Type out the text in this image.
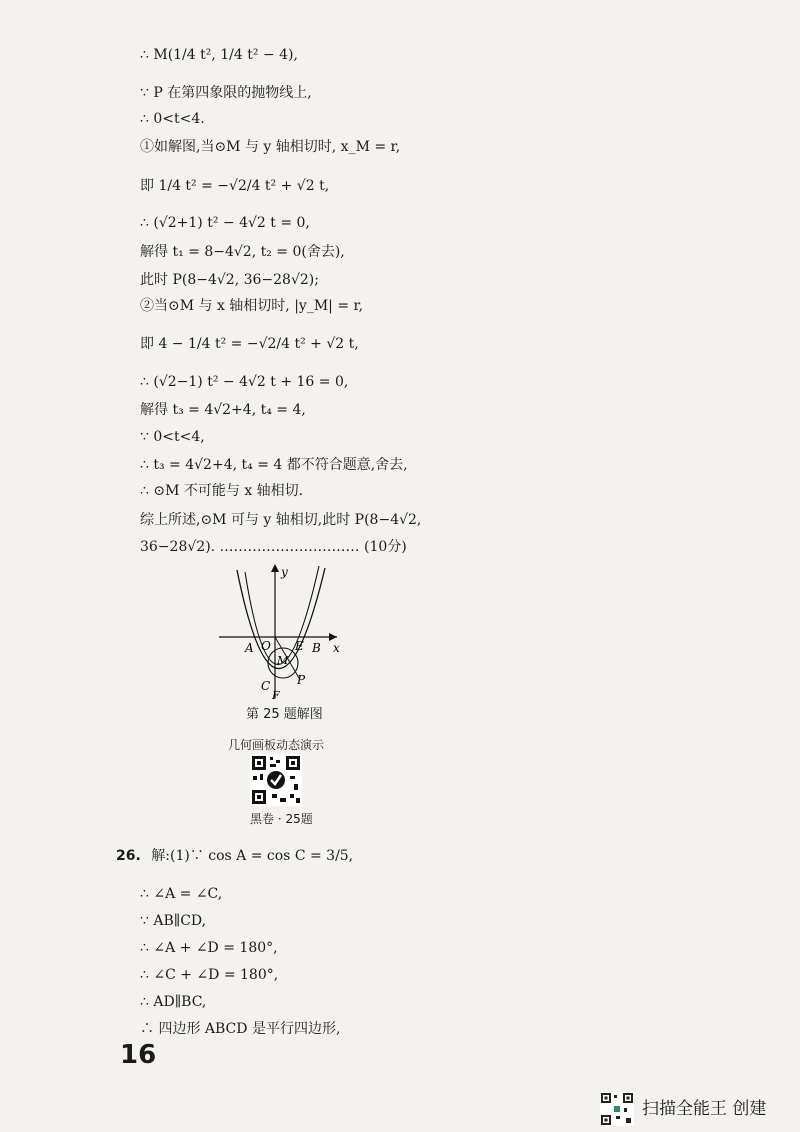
∴ M(1/4 t², 1/4 t² − 4),
∵ P 在第四象限的抛物线上,
∴ 0<t<4.
①如解图,当⊙M 与 y 轴相切时, x_M = r,
即 1/4 t² = −√2/4 t² + √2 t,
∴ (√2+1) t² − 4√2 t = 0,
解得 t₁ = 8−4√2, t₂ = 0(舍去),
此时 P(8−4√2, 36−28√2);
②当⊙M 与 x 轴相切时, |y_M| = r,
即 4 − 1/4 t² = −√2/4 t² + √2 t,
∴ (√2−1) t² − 4√2 t + 16 = 0,
解得 t₃ = 4√2+4, t₄ = 4,
∵ 0<t<4,
∴ t₃ = 4√2+4, t₄ = 4 都不符合题意,舍去,
∴ ⊙M 不可能与 x 轴相切.
综上所述,⊙M 可与 y 轴相切,此时 P(8−4√2,
36−28√2). ………………………… (10分)
y
x
A O E B
M
C P
F
第 25 题解图
几何画板动态演示
黑卷 · 25题
26. 解:(1)∵ cos A = cos C = 3/5,
∴ ∠A = ∠C,
∵ AB∥CD,
∴ ∠A + ∠D = 180°,
∴ ∠C + ∠D = 180°,
∴ AD∥BC,
∴ 四边形 ABCD 是平行四边形,
16
扫描全能王 创建
